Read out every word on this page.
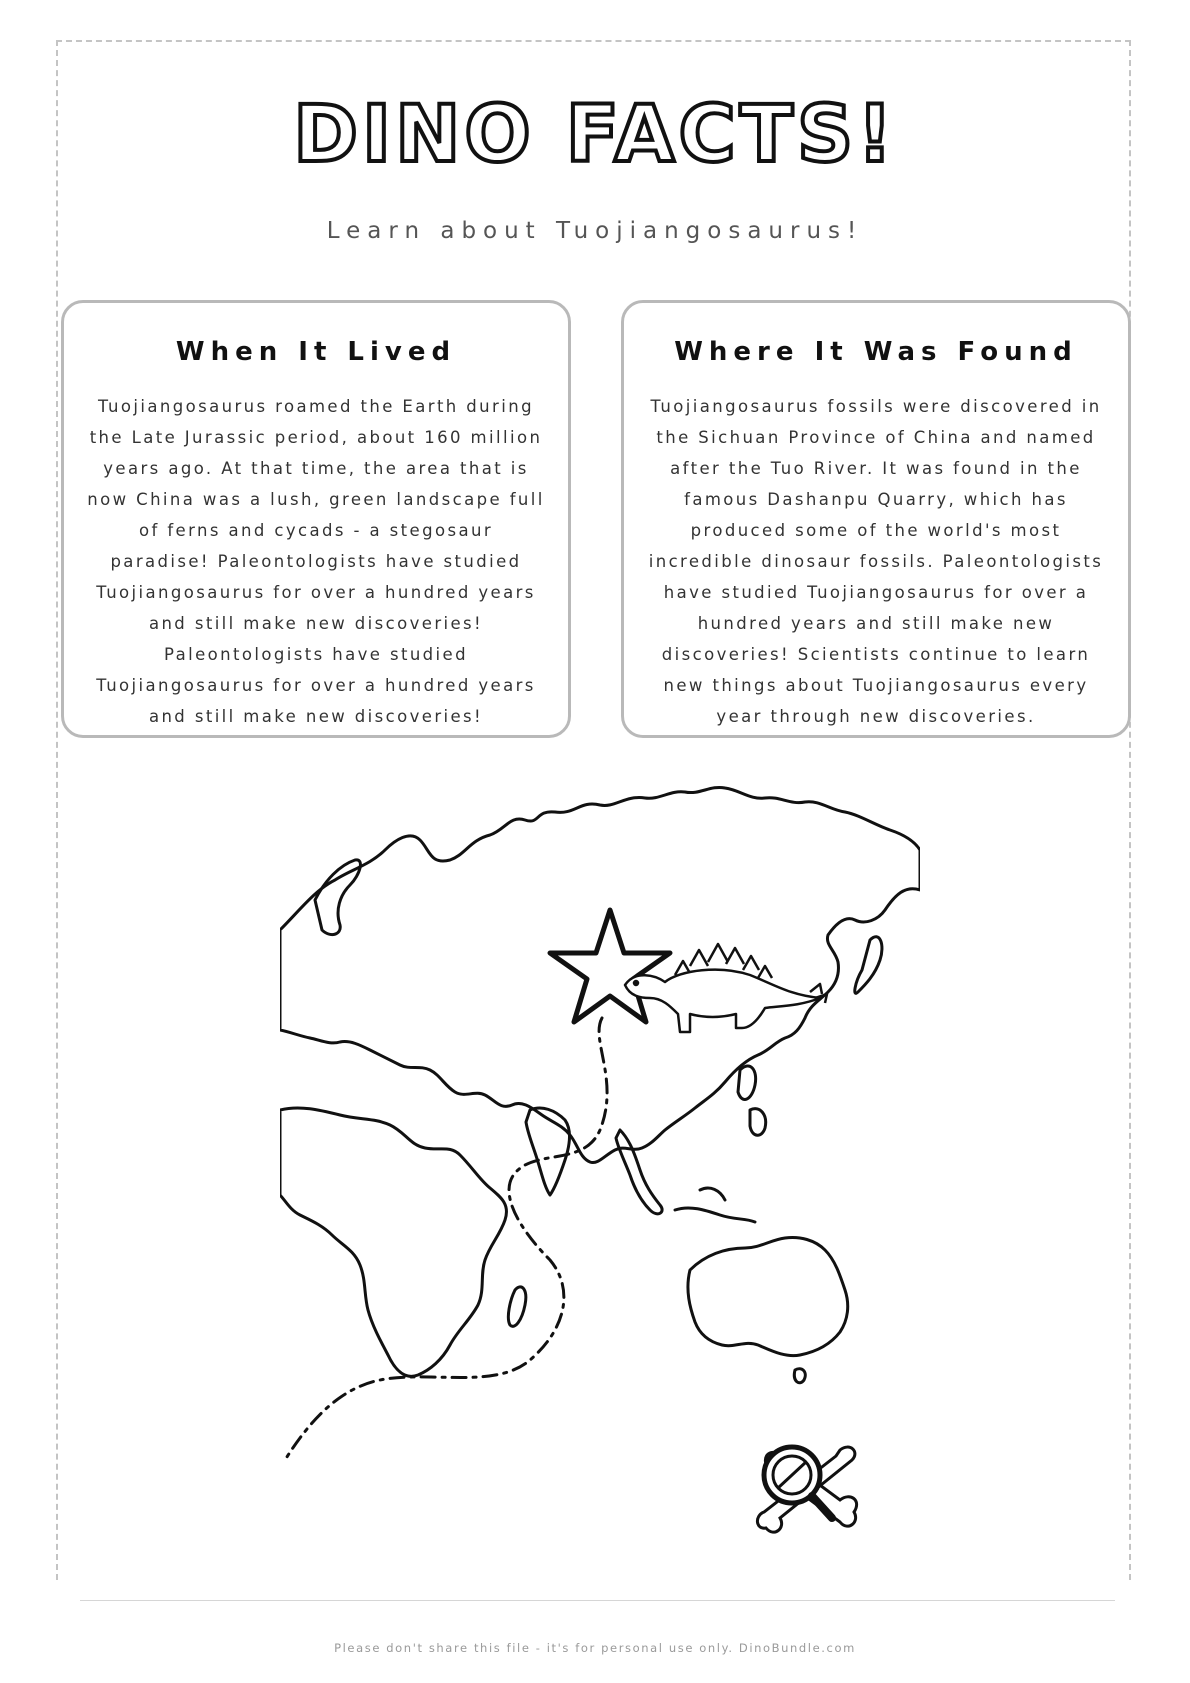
DINO FACTS!

Learn about Tuojiangosaurus!

When It Lived

Tuojiangosaurus roamed the Earth during the Late Jurassic period, about 160 million years ago. At that time, the area that is now China was a lush, green landscape full of ferns and cycads - a stegosaur paradise! Paleontologists have studied Tuojiangosaurus for over a hundred years and still make new discoveries! Paleontologists have studied Tuojiangosaurus for over a hundred years and still make new discoveries!

Where It Was Found

Tuojiangosaurus fossils were discovered in the Sichuan Province of China and named after the Tuo River. It was found in the famous Dashanpu Quarry, which has produced some of the world's most incredible dinosaur fossils. Paleontologists have studied Tuojiangosaurus for over a hundred years and still make new discoveries! Scientists continue to learn new things about Tuojiangosaurus every year through new discoveries.

Please don't share this file - it's for personal use only. DinoBundle.com
